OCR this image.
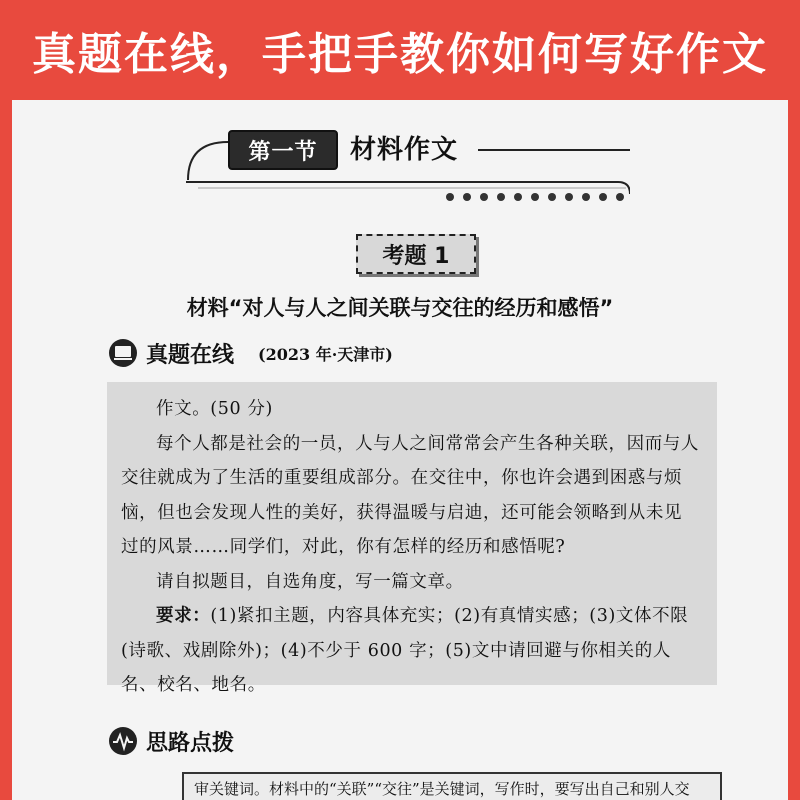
真题在线，手把手教你如何写好作文
第一节	材料作文
考题 1
材料“对人与人之间关联与交往的经历和感悟”
真题在线 (2023 年·天津市)

作文。(50 分)

每个人都是社会的一员，人与人之间常常会产生各种关联，因而与人交往就成为了生活的重要组成部分。在交往中，你也许会遇到困惑与烦恼，但也会发现人性的美好，获得温暖与启迪，还可能会领略到从未见过的风景……同学们，对此，你有怎样的经历和感悟呢?

请自拟题目，自选角度，写一篇文章。

要求：(1)紧扣主题，内容具体充实；(2)有真情实感；(3)文体不限(诗歌、戏剧除外)；(4)不少于 600 字；(5)文中请回避与你相关的人名、校名、地名。

思路点拨
审关键词。材料中的“关联”“交往”是关键词，写作时，要写出自己和别人交
